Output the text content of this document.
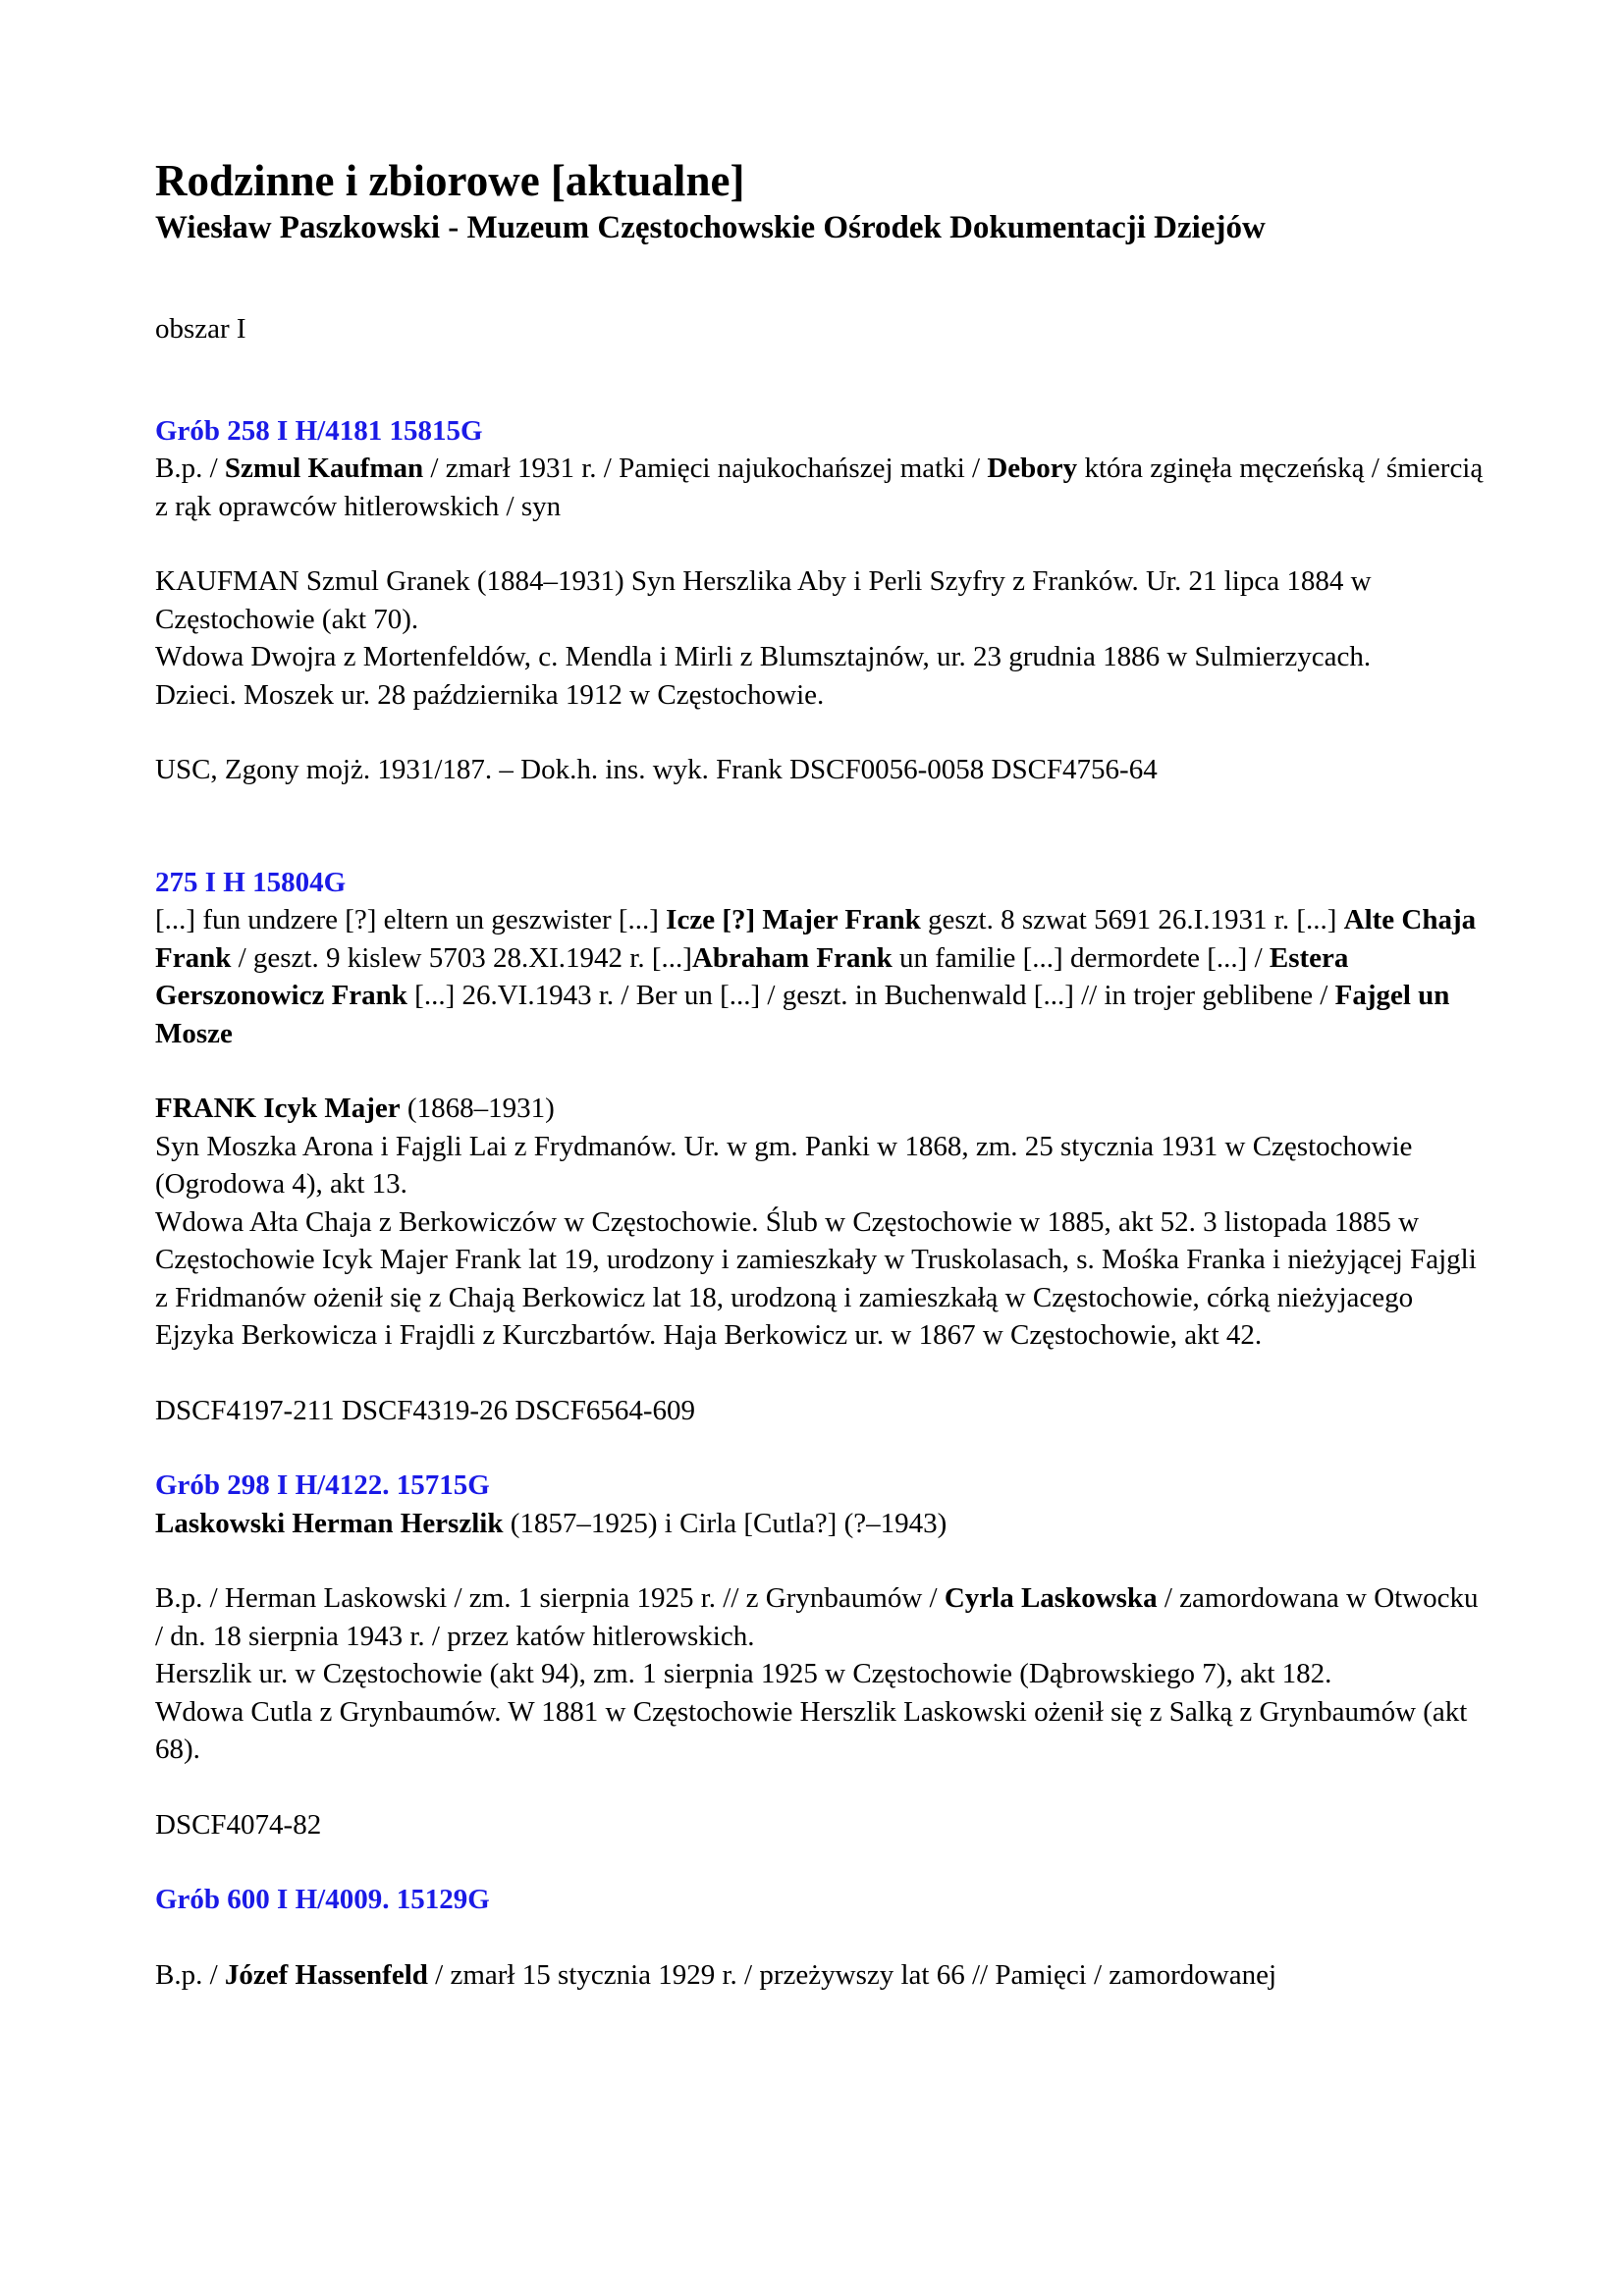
Rodzinne i zbiorowe [aktualne]

Wiesław Paszkowski - Muzeum Częstochowskie Ośrodek Dokumentacji Dziejów

obszar I

Grób 258 I H/4181 15815G

B.p. / Szmul Kaufman / zmarł 1931 r. / Pamięci najukochańszej matki / Debory która zginęła męczeńską / śmiercią z rąk oprawców hitlerowskich / syn

KAUFMAN Szmul Granek (1884–1931) Syn Herszlika Aby i Perli Szyfry z Franków. Ur. 21 lipca 1884 w Częstochowie (akt 70).

Wdowa Dwojra z Mortenfeldów, c. Mendla i Mirli z Blumsztajnów, ur. 23 grudnia 1886 w Sulmierzycach.

Dzieci. Moszek ur. 28 października 1912 w Częstochowie.

USC, Zgony mojż. 1931/187. – Dok.h. ins. wyk. Frank DSCF0056-0058 DSCF4756-64

275 I H 15804G

[...] fun undzere [?] eltern un geszwister [...] Icze [?] Majer Frank geszt. 8 szwat 5691 26.I.1931 r. [...] Alte Chaja Frank / geszt. 9 kislew 5703 28.XI.1942 r. [...]Abraham Frank un familie [...] dermordete [...] / Estera Gerszonowicz Frank [...] 26.VI.1943 r. / Ber un [...] / geszt. in Buchenwald [...] // in trojer geblibene / Fajgel un Mosze

FRANK Icyk Majer (1868–1931)

Syn Moszka Arona i Fajgli Lai z Frydmanów. Ur. w gm. Panki w 1868, zm. 25 stycznia 1931 w Częstochowie (Ogrodowa 4), akt 13.

Wdowa Ałta Chaja z Berkowiczów w Częstochowie. Ślub w Częstochowie w 1885, akt 52. 3 listopada 1885 w Częstochowie Icyk Majer Frank lat 19, urodzony i zamieszkały w Truskolasach, s. Mośka Franka i nieżyjącej Fajgli z Fridmanów ożenił się z Chają Berkowicz lat 18, urodzoną i zamieszkałą w Częstochowie, córką nieżyjacego Ejzyka Berkowicza i Frajdli z Kurczbartów. Haja Berkowicz ur. w 1867 w Częstochowie, akt 42.

DSCF4197-211 DSCF4319-26 DSCF6564-609

Grób 298 I H/4122. 15715G

Laskowski Herman Herszlik (1857–1925) i Cirla [Cutla?] (?–1943)

B.p. / Herman Laskowski / zm. 1 sierpnia 1925 r. // z Grynbaumów / Cyrla Laskowska / zamordowana w Otwocku / dn. 18 sierpnia 1943 r. / przez katów hitlerowskich.

Herszlik ur. w Częstochowie (akt 94), zm. 1 sierpnia 1925 w Częstochowie (Dąbrowskiego 7), akt 182.

Wdowa Cutla z Grynbaumów. W 1881 w Częstochowie Herszlik Laskowski ożenił się z Salką z Grynbaumów (akt 68).

DSCF4074-82

Grób 600 I H/4009. 15129G

B.p. / Józef Hassenfeld / zmarł 15 stycznia 1929 r. / przeżywszy lat 66 // Pamięci / zamordowanej
